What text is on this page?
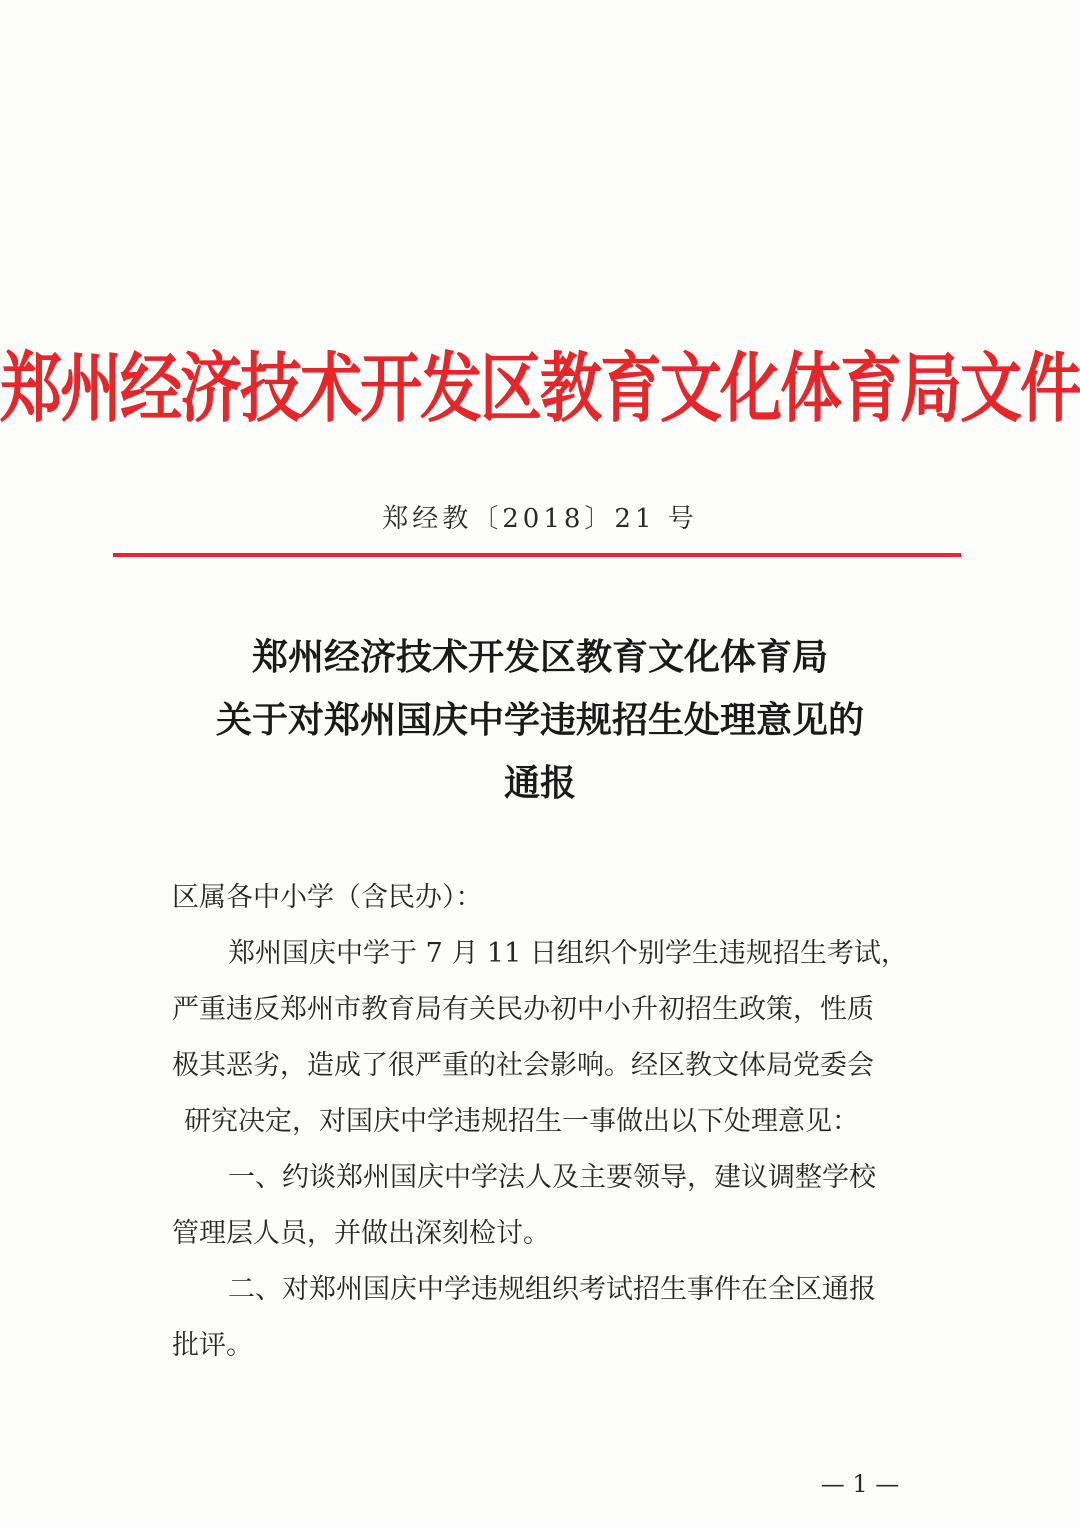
郑州经济技术开发区教育文化体育局文件
郑经教〔2018〕21 号
郑州经济技术开发区教育文化体育局
关于对郑州国庆中学违规招生处理意见的
通报

区属各中小学（含民办）：

郑州国庆中学于 7 月 11 日组织个别学生违规招生考试，

严重违反郑州市教育局有关民办初中小升初招生政策，性质

极其恶劣，造成了很严重的社会影响。经区教文体局党委会

研究决定，对国庆中学违规招生一事做出以下处理意见：

一、约谈郑州国庆中学法人及主要领导，建议调整学校

管理层人员，并做出深刻检讨。

二、对郑州国庆中学违规组织考试招生事件在全区通报

批评。

— 1 —
